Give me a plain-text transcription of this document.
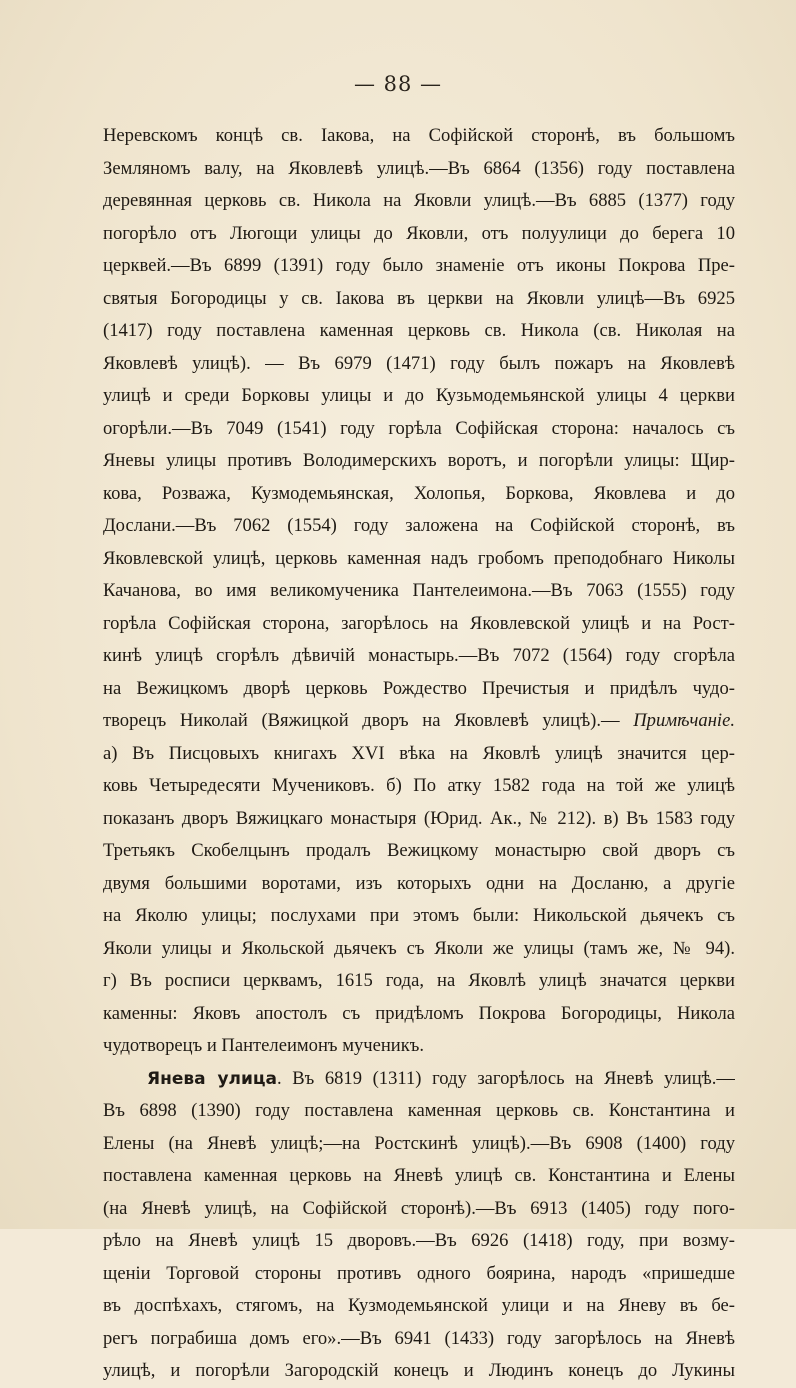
— 88 —
Неревскомъ концѣ св. Іакова, на Софійской сторонѣ, въ большомъ
Земляномъ валу, на Яковлевѣ улицѣ.—Въ 6864 (1356) году поставлена
деревянная церковь св. Никола на Яковли улицѣ.—Въ 6885 (1377) году
погорѣло отъ Люгощи улицы до Яковли, отъ полуулици до берега 10
церквей.—Въ 6899 (1391) году было знаменіе отъ иконы Покрова Пре-
святыя Богородицы у св. Іакова въ церкви на Яковли улицѣ—Въ 6925
(1417) году поставлена каменная церковь св. Никола (св. Николая на
Яковлевѣ улицѣ). — Въ 6979 (1471) году былъ пожаръ на Яковлевѣ
улицѣ и среди Борковы улицы и до Кузьмодемьянской улицы 4 церкви
огорѣли.—Въ 7049 (1541) году горѣла Софійская сторона: началось съ
Яневы улицы противъ Володимерскихъ воротъ, и погорѣли улицы: Щир-
кова, Розважа, Кузмодемьянская, Холопья, Боркова, Яковлева и до
Дослани.—Въ 7062 (1554) году заложена на Софійской сторонѣ, въ
Яковлевской улицѣ, церковь каменная надъ гробомъ преподобнаго Николы
Качанова, во имя великомученика Пантелеимона.—Въ 7063 (1555) году
горѣла Софійская сторона, загорѣлось на Яковлевской улицѣ и на Рост-
кинѣ улицѣ сгорѣлъ дѣвичій монастырь.—Въ 7072 (1564) году сгорѣла
на Вежицкомъ дворѣ церковь Рождество Пречистыя и придѣлъ чудо-
творецъ Николай (Вяжицкой дворъ на Яковлевѣ улицѣ).— Примѣчаніе.
а) Въ Писцовыхъ книгахъ XVI вѣка на Яковлѣ улицѣ значится цер-
ковь Четыредесяти Мучениковъ. б) По атку 1582 года на той же улицѣ
показанъ дворъ Вяжицкаго монастыря (Юрид. Ак., № 212). в) Въ 1583 году
Третьякъ Скобелцынъ продалъ Вежицкому монастырю свой дворъ съ
двумя большими воротами, изъ которыхъ одни на Досланю, а другіе
на Яколю улицы; послухами при этомъ были: Никольской дьячекъ съ
Яколи улицы и Якольской дьячекъ съ Яколи же улицы (тамъ же, № 94).
г) Въ росписи церквамъ, 1615 года, на Яковлѣ улицѣ значатся церкви
каменны: Яковъ апостолъ съ придѣломъ Покрова Богородицы, Никола
чудотворецъ и Пантелеимонъ мученикъ.
Янева улица. Въ 6819 (1311) году загорѣлось на Яневѣ улицѣ.—
Въ 6898 (1390) году поставлена каменная церковь св. Константина и
Елены (на Яневѣ улицѣ;—на Ростскинѣ улицѣ).—Въ 6908 (1400) году
поставлена каменная церковь на Яневѣ улицѣ св. Константина и Елены
(на Яневѣ улицѣ, на Софійской сторонѣ).—Въ 6913 (1405) году пого-
рѣло на Яневѣ улицѣ 15 дворовъ.—Въ 6926 (1418) году, при возму-
щеніи Торговой стороны противъ одного боярина, народъ «пришедше
въ доспѣхахъ, стягомъ, на Кузмодемьянской улици и на Яневу въ бе-
регъ пограбиша домъ его».—Въ 6941 (1433) году загорѣлось на Яневѣ
улицѣ, и погорѣли Загородскій конецъ и Людинъ конецъ до Лукины
